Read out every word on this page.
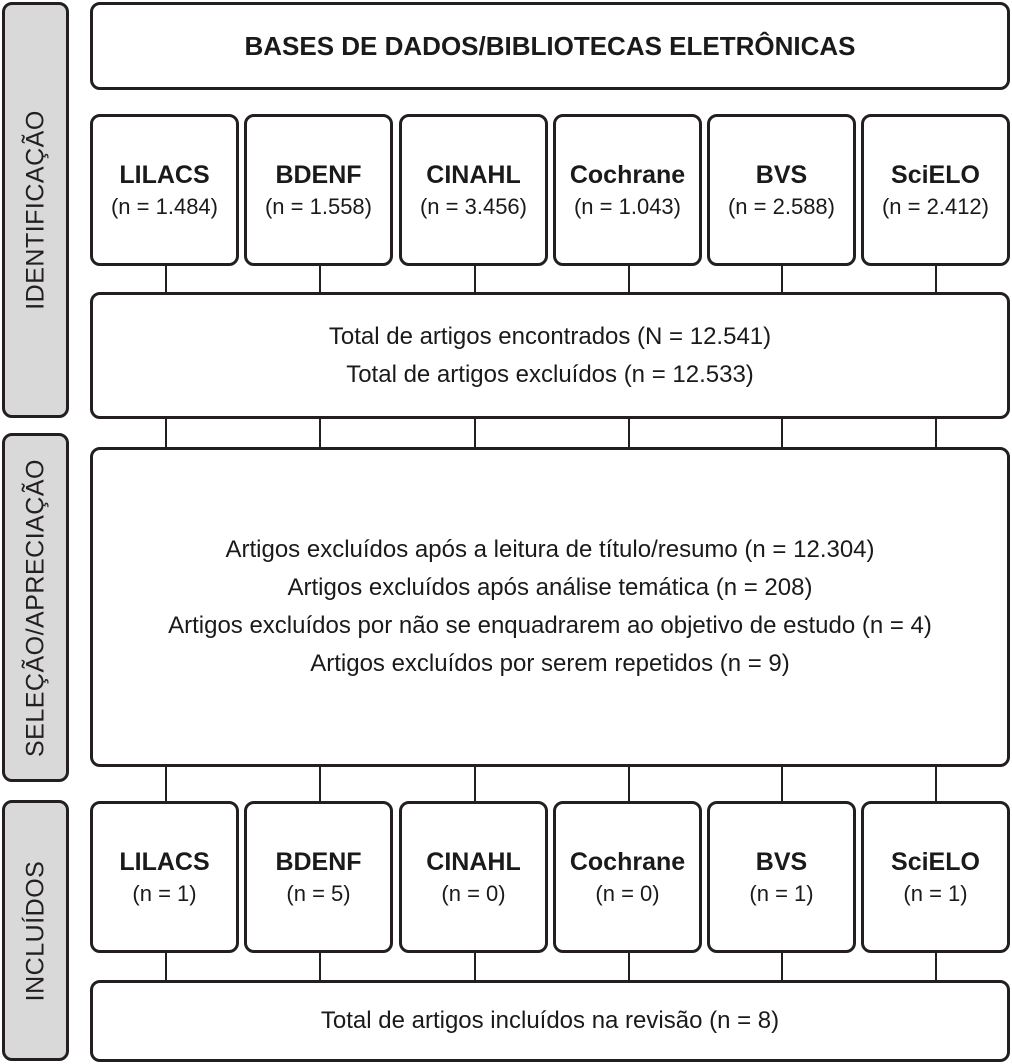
IDENTIFICAÇÃO
SELEÇÃO/APRECIAÇÃO
INCLUÍDOS
BASES DE DADOS/BIBLIOTECAS ELETRÔNICAS
LILACS
(n = 1.484)
BDENF
(n = 1.558)
CINAHL
(n = 3.456)
Cochrane
(n = 1.043)
BVS
(n = 2.588)
SciELO
(n = 2.412)
Total de artigos encontrados (N = 12.541)
Total de artigos excluídos (n = 12.533)
Artigos excluídos após a leitura de título/resumo (n = 12.304)
Artigos excluídos após análise temática (n = 208)
Artigos excluídos por não se enquadrarem ao objetivo de estudo (n = 4)
Artigos excluídos por serem repetidos (n = 9)
LILACS
(n = 1)
BDENF
(n = 5)
CINAHL
(n = 0)
Cochrane
(n = 0)
BVS
(n = 1)
SciELO
(n = 1)
Total de artigos incluídos na revisão (n = 8)
